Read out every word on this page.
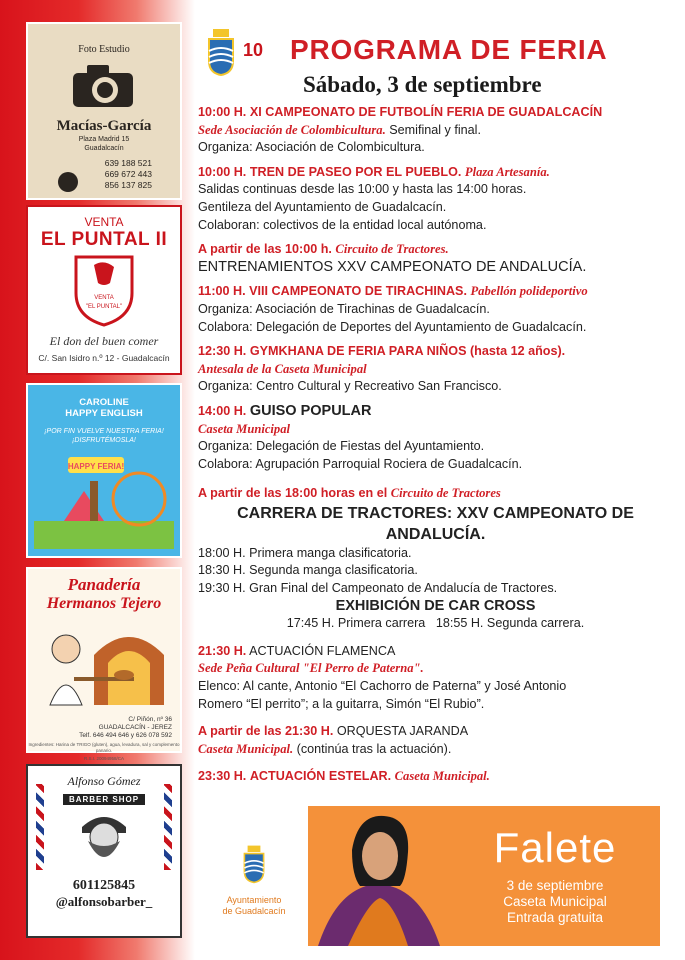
Foto Estudio
Macías-García
Plaza Madrid 15
Guadalcacín
639 188 521
669 672 443
856 137 825
VENTA
EL PUNTAL II
VENTA
"EL PUNTAL"
El don del buen comer
C/. San Isidro n.º 12 - Guadalcacín
CAROLINE
HAPPY ENGLISH
¡POR FIN VUELVE NUESTRA FERIA!
¡DISFRUTÉMOSLA!
HAPPY FERIA!
Panadería
Hermanos Tejero
C/ Piñón, nº 36
GUADALCACÍN - JEREZ
Telf. 646 494 646 y 626 078 592
Ingredientes: Harina de TRIGO (gluten), agua, levadura, sal y complemento panario.
R.S.I. 20094958/CA
Alfonso Gómez
BARBER SHOP
601125845
@alfonsobarber_
10 PROGRAMA DE FERIA
Sábado, 3 de septiembre
10:00 H. XI CAMPEONATO DE FUTBOLÍN FERIA DE GUADALCACÍN
Sede Asociación de Colombicultura. Semifinal y final.
Organiza: Asociación de Colombicultura.
10:00 H. TREN DE PASEO POR EL PUEBLO. Plaza Artesanía.
Salidas continuas desde las 10:00 y hasta las 14:00 horas.
Gentileza del Ayuntamiento de Guadalcacín.
Colaboran: colectivos de la entidad local autónoma.
A partir de las 10:00 h. Circuito de Tractores.
ENTRENAMIENTOS XXV CAMPEONATO DE ANDALUCÍA.
11:00 H. VIII CAMPEONATO DE TIRACHINAS. Pabellón polideportivo
Organiza: Asociación de Tirachinas de Guadalcacín.
Colabora: Delegación de Deportes del Ayuntamiento de Guadalcacín.
12:30 H. GYMKHANA DE FERIA PARA NIÑOS (hasta 12 años).
Antesala de la Caseta Municipal
Organiza: Centro Cultural y Recreativo San Francisco.
14:00 H. GUISO POPULAR
Caseta Municipal
Organiza: Delegación de Fiestas del Ayuntamiento.
Colabora: Agrupación Parroquial Rociera de Guadalcacín.
A partir de las 18:00 horas en el Circuito de Tractores
CARRERA DE TRACTORES: XXV CAMPEONATO DE ANDALUCÍA.
18:00 H. Primera manga clasificatoria.
18:30 H. Segunda manga clasificatoria.
19:30 H. Gran Final del Campeonato de Andalucía de Tractores.
EXHIBICIÓN DE CAR CROSS
17:45 H. Primera carrera 18:55 H. Segunda carrera.
21:30 H. ACTUACIÓN FLAMENCA
Sede Peña Cultural "El Perro de Paterna".
Elenco: Al cante, Antonio “El Cachorro de Paterna” y José Antonio
Romero “El perrito”; a la guitarra, Simón “El Rubio”.
A partir de las 21:30 H. ORQUESTA JARANDA
Caseta Municipal. (continúa tras la actuación).
23:30 H. ACTUACIÓN ESTELAR. Caseta Municipal.
Ayuntamiento
de Guadalcacín
Falete
3 de septiembre
Caseta Municipal
Entrada gratuita
